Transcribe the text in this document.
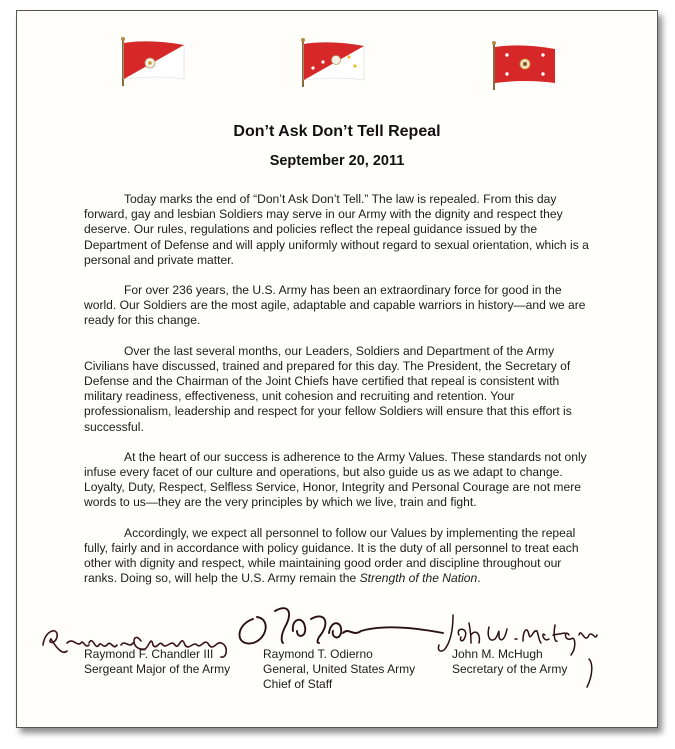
Don’t Ask Don’t Tell Repeal
September 20, 2011

Today marks the end of “Don’t Ask Don’t Tell.” The law is repealed. From this day forward, gay and lesbian Soldiers may serve in our Army with the dignity and respect they deserve. Our rules, regulations and policies reflect the repeal guidance issued by the Department of Defense and will apply uniformly without regard to sexual orientation, which is a personal and private matter.

For over 236 years, the U.S. Army has been an extraordinary force for good in the world. Our Soldiers are the most agile, adaptable and capable warriors in history—and we are ready for this change.

Over the last several months, our Leaders, Soldiers and Department of the Army Civilians have discussed, trained and prepared for this day. The President, the Secretary of Defense and the Chairman of the Joint Chiefs have certified that repeal is consistent with military readiness, effectiveness, unit cohesion and recruiting and retention. Your professionalism, leadership and respect for your fellow Soldiers will ensure that this effort is successful.

At the heart of our success is adherence to the Army Values. These standards not only infuse every facet of our culture and operations, but also guide us as we adapt to change. Loyalty, Duty, Respect, Selfless Service, Honor, Integrity and Personal Courage are not mere words to us—they are the very principles by which we live, train and fight.

Accordingly, we expect all personnel to follow our Values by implementing the repeal fully, fairly and in accordance with policy guidance. It is the duty of all personnel to treat each other with dignity and respect, while maintaining good order and discipline throughout our ranks. Doing so, will help the U.S. Army remain the Strength of the Nation.

Raymond F. Chandler III
Sergeant Major of the Army
Raymond T. Odierno
General, United States Army
Chief of Staff
John M. McHugh
Secretary of the Army
